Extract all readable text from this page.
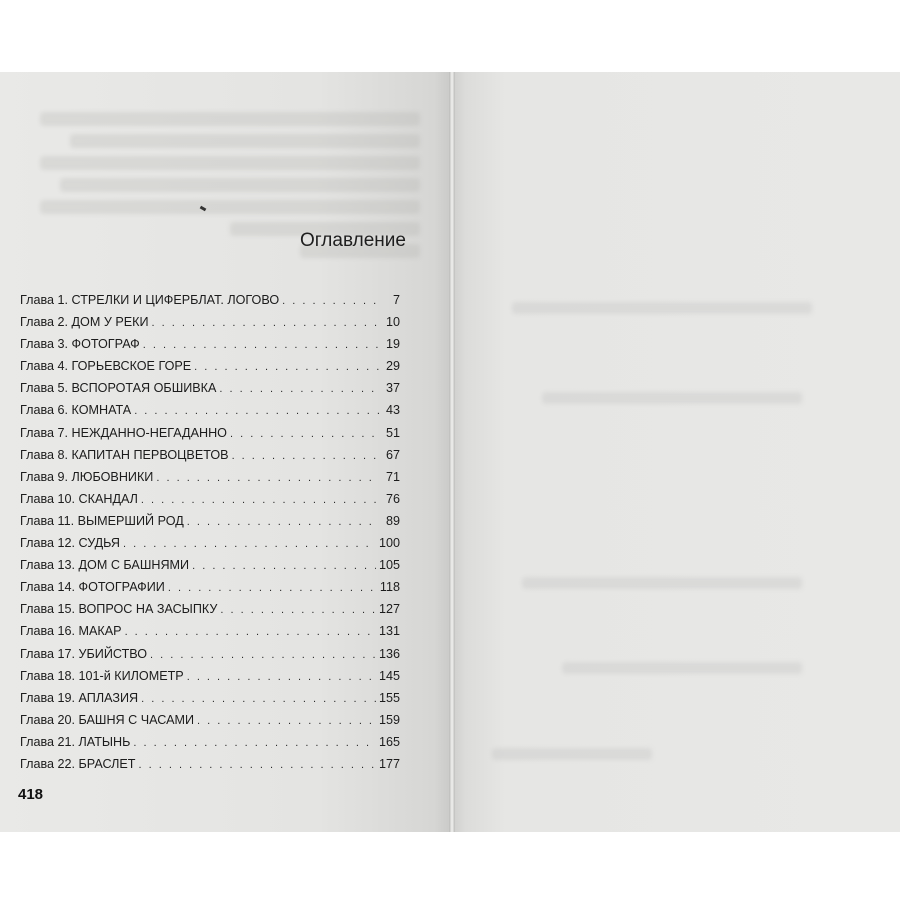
Оглавление
Глава 1. СТРЕЛКИ И ЦИФЕРБЛАТ. ЛОГОВО . . .	7
Глава 2. ДОМ У РЕКИ . . .	10
Глава 3. ФОТОГРАФ . . .	19
Глава 4. ГОРЬЕВСКОЕ ГОРЕ . . .	29
Глава 5. ВСПОРОТАЯ ОБШИВКА . . .	37
Глава 6. КОМНАТА . . .	43
Глава 7. НЕЖДАННО-НЕГАДАННО . . .	51
Глава 8. КАПИТАН ПЕРВОЦВЕТОВ . . .	67
Глава 9. ЛЮБОВНИКИ . . .	71
Глава 10. СКАНДАЛ . . .	76
Глава 11. ВЫМЕРШИЙ РОД . . .	89
Глава 12. СУДЬЯ . . .	100
Глава 13. ДОМ С БАШНЯМИ . . .	105
Глава 14. ФОТОГРАФИИ . . .	118
Глава 15. ВОПРОС НА ЗАСЫПКУ . . .	127
Глава 16. МАКАР . . .	131
Глава 17. УБИЙСТВО . . .	136
Глава 18. 101-й КИЛОМЕТР . . .	145
Глава 19. АПЛАЗИЯ . . .	155
Глава 20. БАШНЯ С ЧАСАМИ . . .	159
Глава 21. ЛАТЫНЬ . . .	165
Глава 22. БРАСЛЕТ . . .	177
418
